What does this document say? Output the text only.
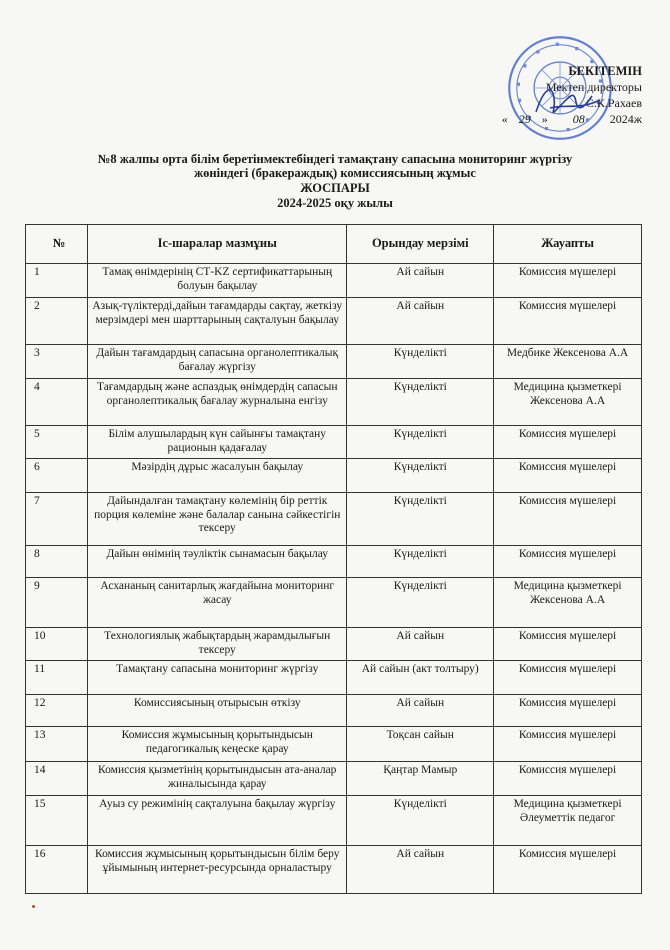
БЕКІТЕМІН
Мектеп директоры
С.К.Рахаев
« 29 » 08 2024ж
№8 жалпы орта білім беретінмектебіндегі тамақтану сапасына мониторинг жүргізу
жөніндегі (бракераждық) комиссиясының жұмыс
ЖОСПАРЫ
2024-2025 оқу жылы
№	Іс-шаралар мазмұны	Орындау мерзімі	Жауапты
1	Тамақ өнімдерінің СТ-KZ сертификаттарының болуын бақылау	Ай сайын	Комиссия мүшелері
2	Азық-түліктерді,дайын тағамдарды сақтау, жеткізу мерзімдері мен шарттарының сақталуын бақылау	Ай сайын	Комиссия мүшелері
3	Дайын тағамдардың сапасына органолептикалық бағалау жүргізу	Күнделікті	Медбике Жексенова А.А
4	Тағамдардың және аспаздық өнімдердің сапасын органолептикалық бағалау журналына енгізу	Күнделікті	Медицина қызметкері Жексенова А.А
5	Білім алушылардың күн сайынғы тамақтану рационын қадағалау	Күнделікті	Комиссия мүшелері
6	Мәзірдің дұрыс жасалуын бақылау	Күнделікті	Комиссия мүшелері
7	Дайындалған тамақтану көлемінің бір реттік порция көлеміне және балалар санына сәйкестігін тексеру	Күнделікті	Комиссия мүшелері
8	Дайын өнімнің тәуліктік сынамасын бақылау	Күнделікті	Комиссия мүшелері
9	Асхананың санитарлық жағдайына мониторинг жасау	Күнделікті	Медицина қызметкері Жексенова А.А
10	Технологиялық жабықтардың жарамдылығын тексеру	Ай сайын	Комиссия мүшелері
11	Тамақтану сапасына мониторинг жүргізу	Ай сайын (акт толтыру)	Комиссия мүшелері
12	Комиссиясының отырысын өткізу	Ай сайын	Комиссия мүшелері
13	Комиссия жұмысының қорытындысын педагогикалық кеңеске қарау	Тоқсан сайын	Комиссия мүшелері
14	Комиссия қызметінің қорытындысын ата-аналар жиналысында қарау	Қаңтар Мамыр	Комиссия мүшелері
15	Ауыз су режимінің сақталуына бақылау жүргізу	Күнделікті	Медицина қызметкері Әлеуметтік педагог
16	Комиссия жұмысының қорытындысын білім беру ұйымының интернет-ресурсында орналастыру	Ай сайын	Комиссия мүшелері
